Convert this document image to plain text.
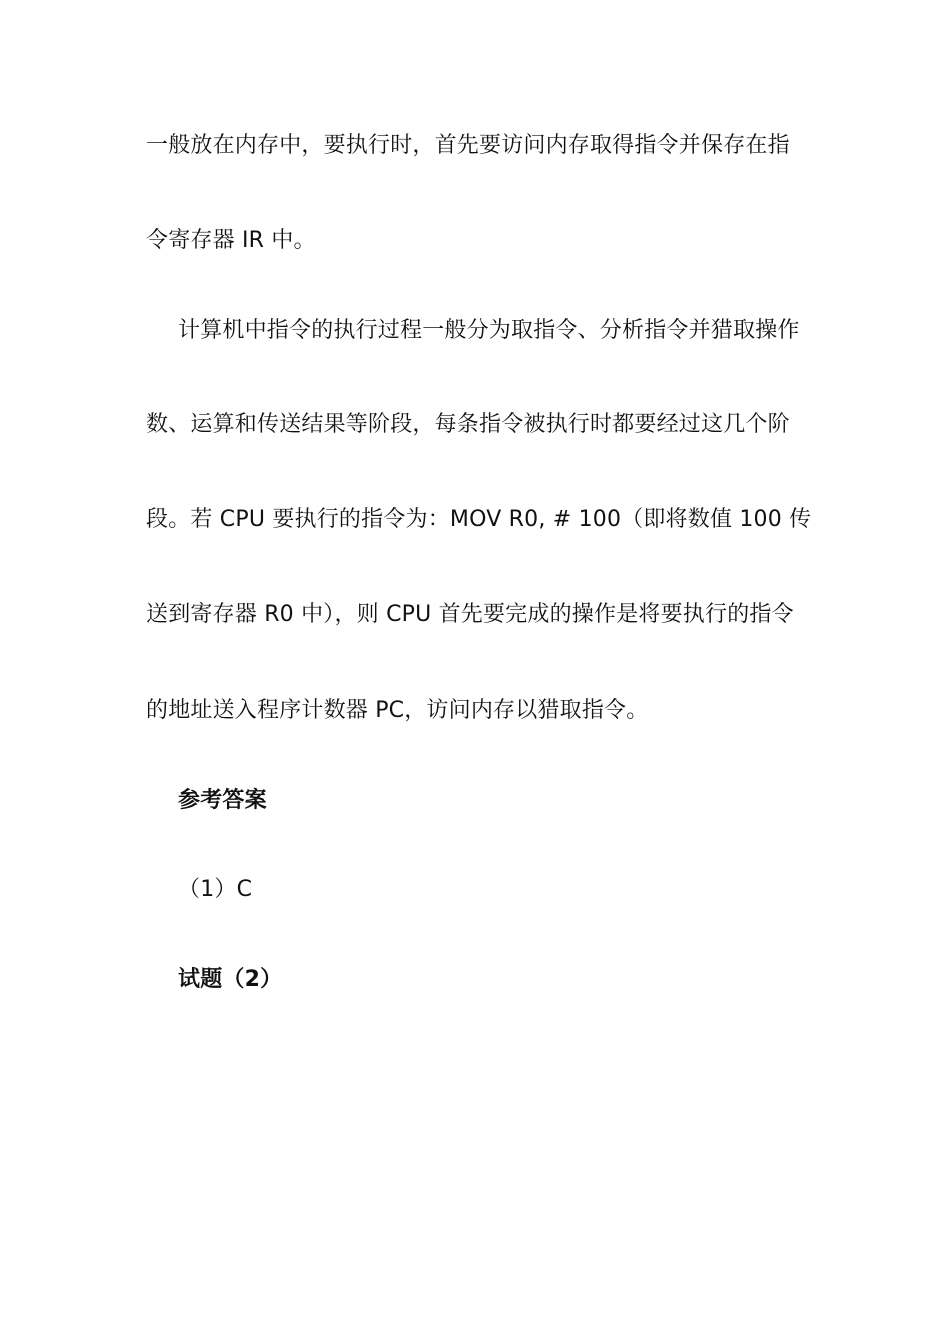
一般放在内存中，要执行时，首先要访问内存取得指令并保存在指
令寄存器 IR 中。
计算机中指令的执行过程一般分为取指令、分析指令并猎取操作
数、运算和传送结果等阶段，每条指令被执行时都要经过这几个阶
段。若 CPU 要执行的指令为：MOV R0, # 100（即将数值 100 传
送到寄存器 R0 中），则 CPU 首先要完成的操作是将要执行的指令
的地址送入程序计数器 PC，访问内存以猎取指令。
参考答案
（1）C
试题（2）
